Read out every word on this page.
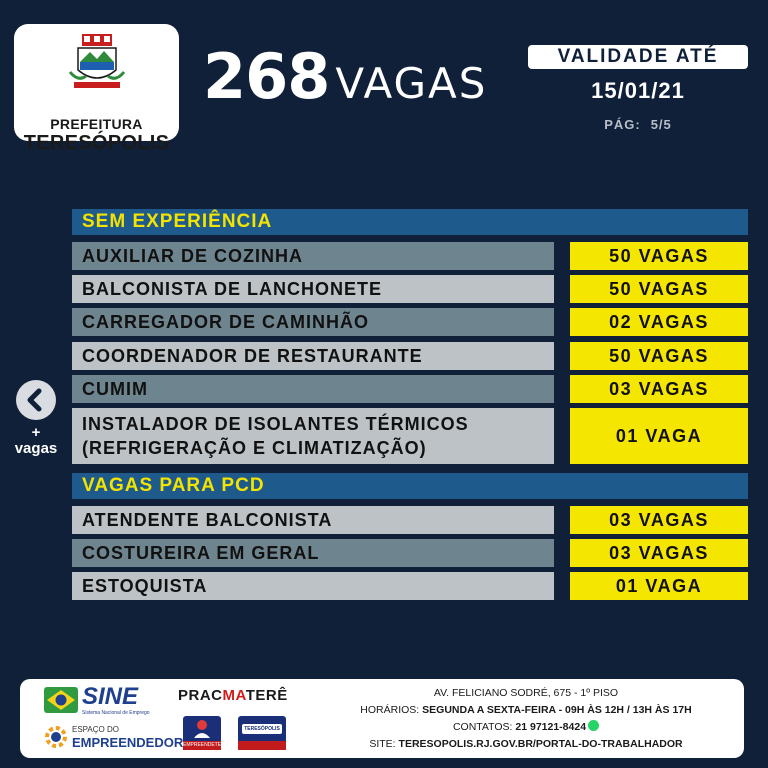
PREFEITURA
TERESÓPOLIS
268 VAGAS
VALIDADE ATÉ
15/01/21
PÁG: 5/5
SEM EXPERIÊNCIA
AUXILIAR DE COZINHA	50 VAGAS
BALCONISTA DE LANCHONETE	50 VAGAS
CARREGADOR DE CAMINHÃO	02 VAGAS
COORDENADOR DE RESTAURANTE	50 VAGAS
CUMIM	03 VAGAS
INSTALADOR DE ISOLANTES TÉRMICOS
(REFRIGERAÇÃO E CLIMATIZAÇÃO)
01 VAGA
VAGAS PARA PCD
ATENDENTE BALCONISTA	03 VAGAS
COSTUREIRA EM GERAL	03 VAGAS
ESTOQUISTA	01 VAGA
+
vagas
SINE
Sistema Nacional de Emprego
ESPAÇO DO
EMPREENDEDOR
PRACMATERÊ
EMPREENDETERÊ
TERESÓPOLIS
AV. FELICIANO SODRÉ, 675 - 1º PISO
HORÁRIOS: SEGUNDA A SEXTA-FEIRA - 09H ÀS 12H / 13H ÀS 17H
CONTATOS: 21 97121-8424
SITE: TERESOPOLIS.RJ.GOV.BR/PORTAL-DO-TRABALHADOR
